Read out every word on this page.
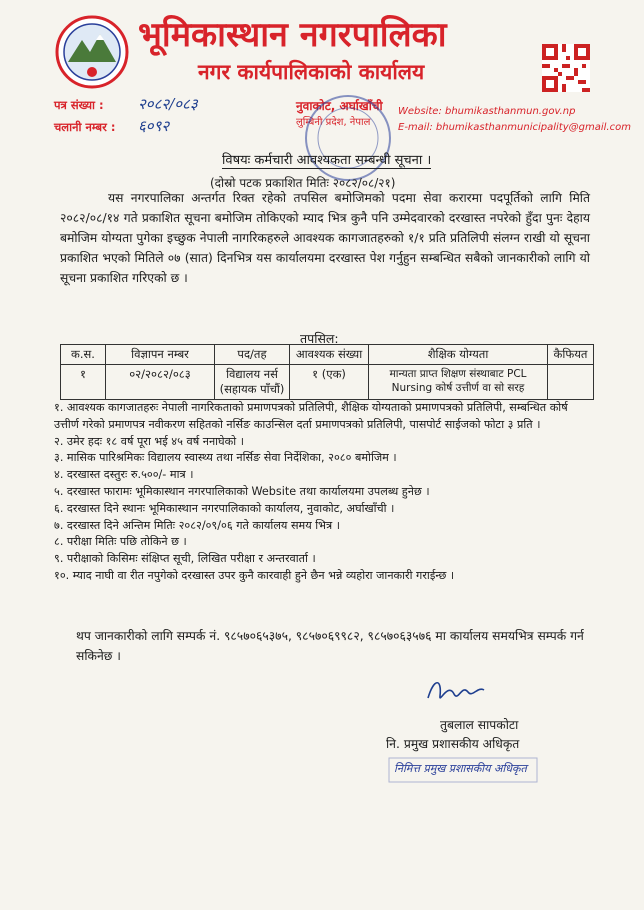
भूमिकास्थान नगरपालिका
नगर कार्यपालिकाको कार्यालय
पत्र संख्या : २०८२/०८३
चलानी नम्बर : ६०९२
नुवाकोट, अर्घाखाँची
लुम्बिनी प्रदेश, नेपाल
Website: bhumikasthanmun.gov.np
E-mail: bhumikasthanmunicipality@gmail.com
विषयः कर्मचारी आवश्यकता सम्बन्धी सूचना ।
(दोस्रो पटक प्रकाशित मितिः २०८२/०८/२१)
यस नगरपालिका अन्तर्गत रिक्त रहेको तपसिल बमोजिमको पदमा सेवा करारमा पदपूर्तिको लागि मिति २०८२/०८/१४ गते प्रकाशित सूचना बमोजिम तोकिएको म्याद भित्र कुनै पनि उम्मेदवारको दरखास्त नपरेको हुँदा पुनः देहाय बमोजिम योग्यता पुगेका इच्छुक नेपाली नागरिकहरुले आवश्यक कागजातहरुको १/१ प्रति प्रतिलिपी संलग्न राखी यो सूचना प्रकाशित भएको मितिले ०७ (सात) दिनभित्र यस कार्यालयमा दरखास्त पेश गर्नुहुन सम्बन्धित सबैको जानकारीको लागि यो सूचना प्रकाशित गरिएको छ ।
तपसिल:
क.स.	विज्ञापन नम्बर	पद/तह	आवश्यक संख्या	शैक्षिक योग्यता	कैफियत
१	०२/२०८२/०८३	विद्यालय नर्स (सहायक पाँचौं)	१ (एक)	मान्यता प्राप्त शिक्षण संस्थाबाट PCL Nursing कोर्ष उत्तीर्ण वा सो सरह	

१. आवश्यक कागजातहरुः नेपाली नागरिकताको प्रमाणपत्रको प्रतिलिपी, शैक्षिक योग्यताको प्रमाणपत्रको प्रतिलिपी, सम्बन्धित कोर्ष उत्तीर्ण गरेको प्रमाणपत्र नवीकरण सहितको नर्सिङ काउन्सिल दर्ता प्रमाणपत्रको प्रतिलिपी, पासपोर्ट साईजको फोटा ३ प्रति ।

२. उमेर हदः १८ वर्ष पूरा भई ४५ वर्ष ननाघेको ।

३. मासिक पारिश्रमिकः विद्यालय स्वास्थ्य तथा नर्सिङ सेवा निर्देशिका, २०८० बमोजिम ।

४. दरखास्त दस्तुरः रु.५००/- मात्र ।

५. दरखास्त फारामः भूमिकास्थान नगरपालिकाको Website तथा कार्यालयमा उपलब्ध हुनेछ ।

६. दरखास्त दिने स्थानः भूमिकास्थान नगरपालिकाको कार्यालय, नुवाकोट, अर्घाखाँची ।

७. दरखास्त दिने अन्तिम मितिः २०८२/०९/०६ गते कार्यालय समय भित्र ।

८. परीक्षा मितिः पछि तोकिने छ ।

९. परीक्षाको किसिमः संक्षिप्त सूची, लिखित परीक्षा र अन्तरवार्ता ।

१०. म्याद नाघी वा रीत नपुगेको दरखास्त उपर कुनै कारवाही हुने छैन भन्ने व्यहोरा जानकारी गराईन्छ ।

थप जानकारीको लागि सम्पर्क नं. ९८५७०६५३७५, ९८५७०६९९८२, ९८५७०६३५७६ मा कार्यालय समयभित्र सम्पर्क गर्न सकिनेछ ।
तुबलाल सापकोटा
नि. प्रमुख प्रशासकीय अधिकृत
निमित्त प्रमुख प्रशासकीय अधिकृत
